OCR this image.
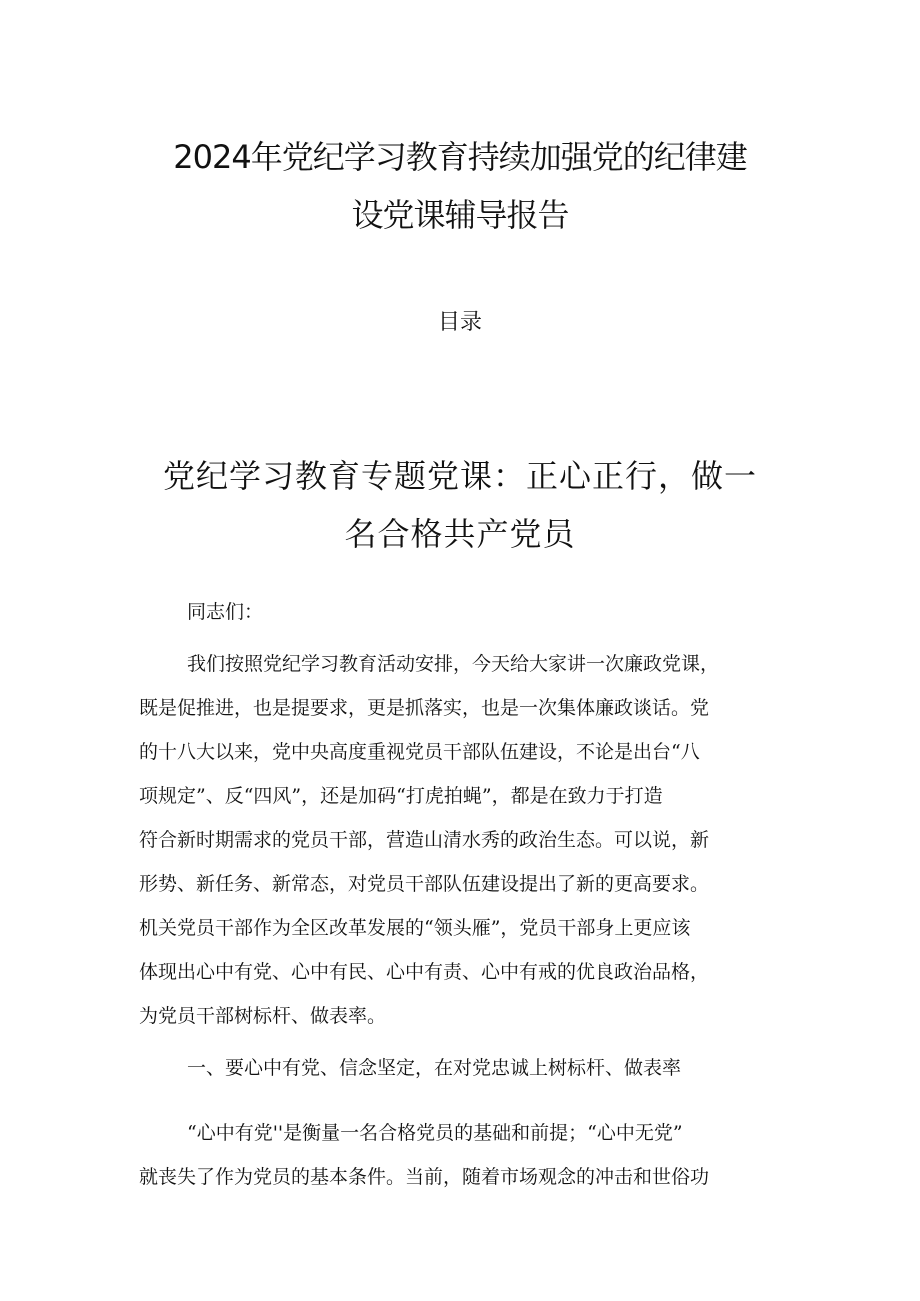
2024年党纪学习教育持续加强党的纪律建
设党课辅导报告
目录
党纪学习教育专题党课：正心正行，做一
名合格共产党员

同志们：

我们按照党纪学习教育活动安排，今天给大家讲一次廉政党课，
既是促推进，也是提要求，更是抓落实，也是一次集体廉政谈话。党
的十八大以来，党中央高度重视党员干部队伍建设，不论是出台“八
项规定”、反“四风”，还是加码“打虎拍蝇”，都是在致力于打造
符合新时期需求的党员干部，营造山清水秀的政治生态。可以说，新
形势、新任务、新常态，对党员干部队伍建设提出了新的更高要求。
机关党员干部作为全区改革发展的“领头雁”，党员干部身上更应该
体现出心中有党、心中有民、心中有责、心中有戒的优良政治品格，
为党员干部树标杆、做表率。

一、要心中有党、信念坚定，在对党忠诚上树标杆、做表率

“心中有党''是衡量一名合格党员的基础和前提；“心中无党”
就丧失了作为党员的基本条件。当前，随着市场观念的冲击和世俗功
